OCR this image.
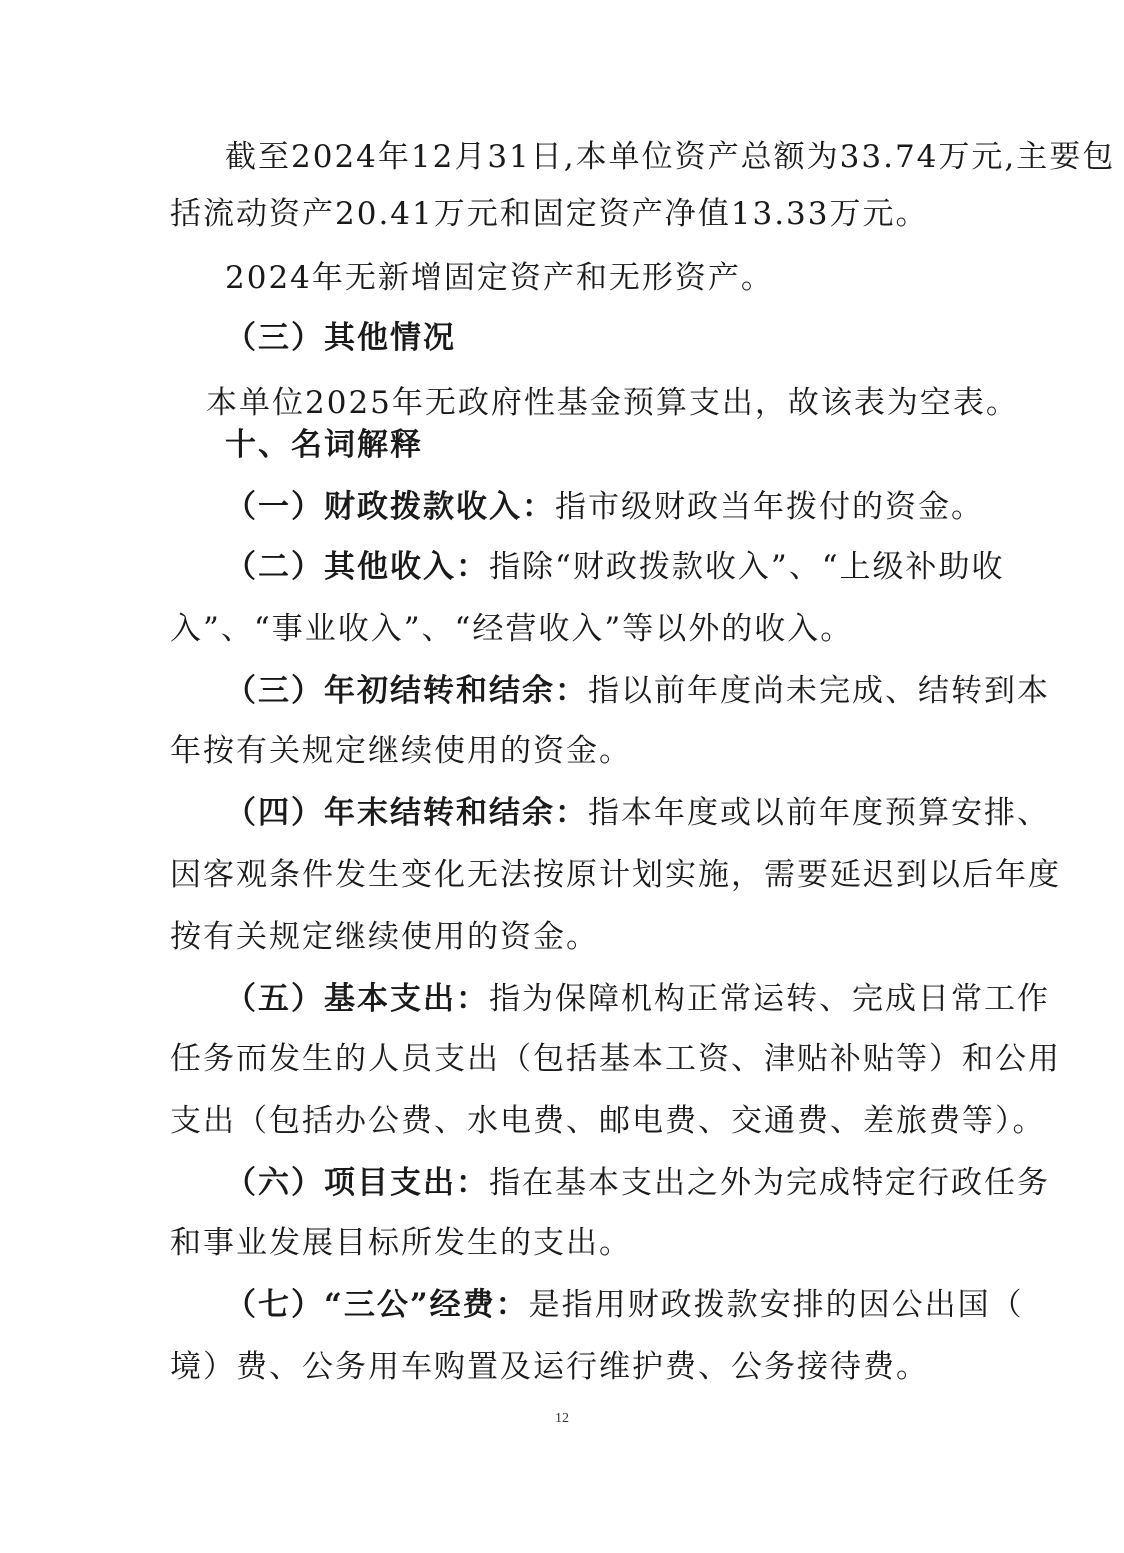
截至2024年12月31日,本单位资产总额为33.74万元,主要包
括流动资产20.41万元和固定资产净值13.33万元。
2024年无新增固定资产和无形资产。
（三）其他情况
本单位2025年无政府性基金预算支出，故该表为空表。
十、名词解释
（一）财政拨款收入：指市级财政当年拨付的资金。
（二）其他收入：指除“财政拨款收入”、“上级补助收
入”、“事业收入”、“经营收入”等以外的收入。
（三）年初结转和结余：指以前年度尚未完成、结转到本
年按有关规定继续使用的资金。
（四）年末结转和结余：指本年度或以前年度预算安排、
因客观条件发生变化无法按原计划实施，需要延迟到以后年度
按有关规定继续使用的资金。
（五）基本支出：指为保障机构正常运转、完成日常工作
任务而发生的人员支出（包括基本工资、津贴补贴等）和公用
支出（包括办公费、水电费、邮电费、交通费、差旅费等）。
（六）项目支出：指在基本支出之外为完成特定行政任务
和事业发展目标所发生的支出。
（七）“三公”经费：是指用财政拨款安排的因公出国（
境）费、公务用车购置及运行维护费、公务接待费。
12
